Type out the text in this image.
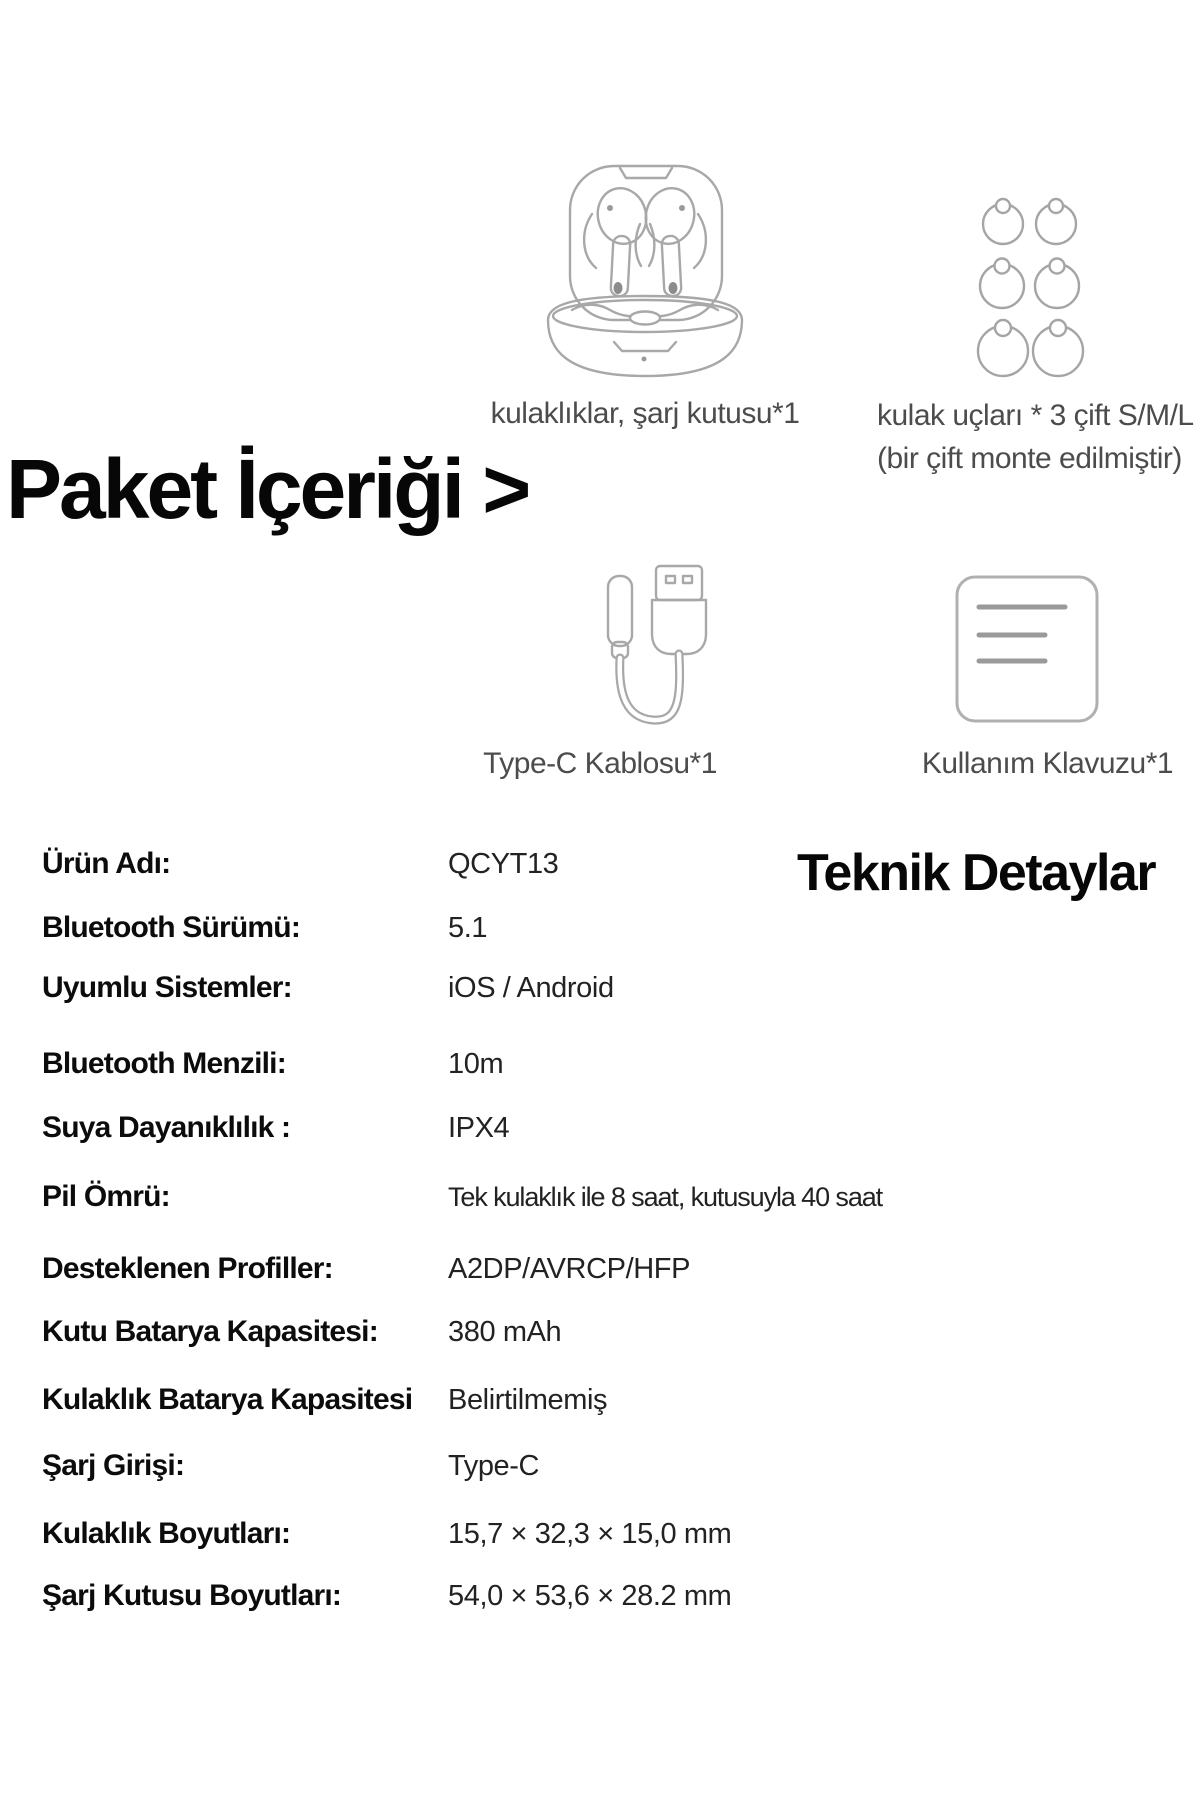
kulaklıklar, şarj kutusu*1	kulak uçları * 3 çift S/M/L
(bir çift monte edilmiştir)
Paket İçeriği >
Type-C Kablosu*1	Kullanım Klavuzu*1
Teknik Detaylar
Ürün Adı:	QCYT13
Bluetooth Sürümü:	5.1
Uyumlu Sistemler:	iOS / Android
Bluetooth Menzili:	10m
Suya Dayanıklılık :	IPX4
Pil Ömrü:	Tek kulaklık ile 8 saat, kutusuyla 40 saat
Desteklenen Profiller:	A2DP/AVRCP/HFP
Kutu Batarya Kapasitesi: 380 mAh
Kulaklık Batarya Kapasitesi Belirtilmemiş
Şarj Girişi:	Type-C
Kulaklık Boyutları:	15,7 × 32,3 × 15,0 mm
Şarj Kutusu Boyutları:	54,0 × 53,6 × 28.2 mm
